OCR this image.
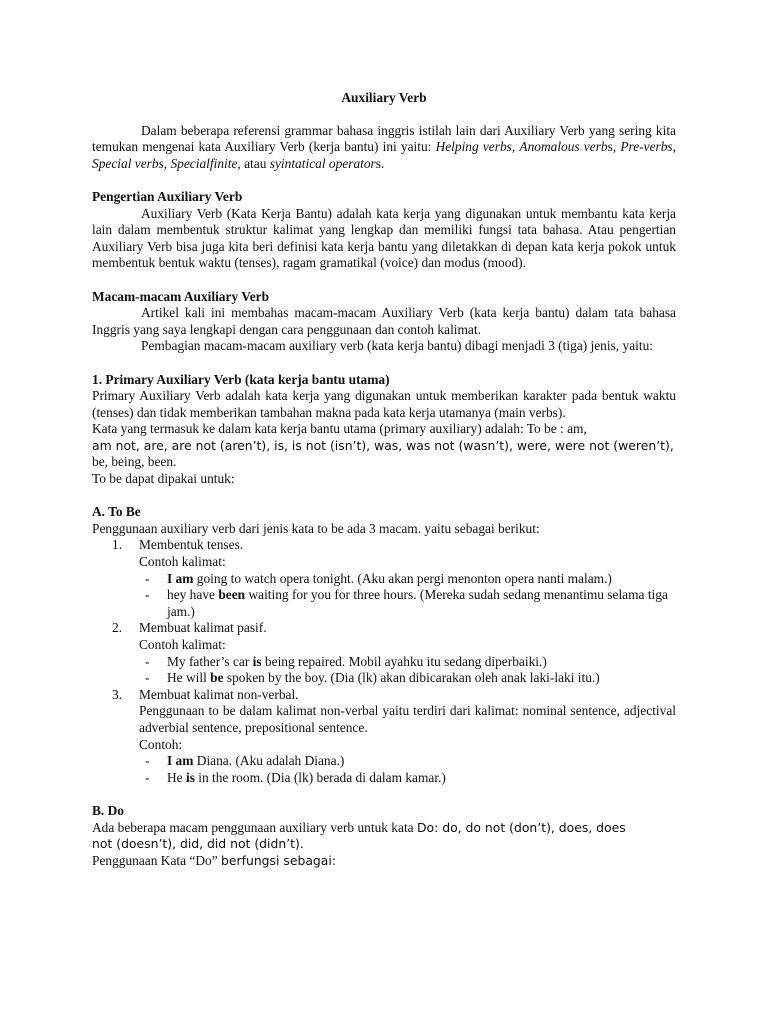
Auxiliary Verb

Dalam beberapa referensi grammar bahasa inggris istilah lain dari Auxiliary Verb yang sering kita temukan mengenai kata Auxiliary Verb (kerja bantu) ini yaitu: Helping verbs, Anomalous verbs, Pre-verbs, Special verbs, Specialfinite, atau syintatical operators.

Pengertian Auxiliary Verb

Auxiliary Verb (Kata Kerja Bantu) adalah kata kerja yang digunakan untuk membantu kata kerja lain dalam membentuk struktur kalimat yang lengkap dan memiliki fungsi tata bahasa. Atau pengertian Auxiliary Verb bisa juga kita beri definisi kata kerja bantu yang diletakkan di depan kata kerja pokok untuk membentuk bentuk waktu (tenses), ragam gramatikal (voice) dan modus (mood).

Macam-macam Auxiliary Verb

Artikel kali ini membahas macam-macam Auxiliary Verb (kata kerja bantu) dalam tata bahasa Inggris yang saya lengkapi dengan cara penggunaan dan contoh kalimat.

Pembagian macam-macam auxiliary verb (kata kerja bantu) dibagi menjadi 3 (tiga) jenis, yaitu:

1. Primary Auxiliary Verb (kata kerja bantu utama)

Primary Auxiliary Verb adalah kata kerja yang digunakan untuk memberikan karakter pada bentuk waktu (tenses) dan tidak memberikan tambahan makna pada kata kerja utamanya (main verbs).

Kata yang termasuk ke dalam kata kerja bantu utama (primary auxiliary) adalah: To be : am,

am not, are, are not (aren’t), is, is not (isn’t), was, was not (wasn’t), were, were not (weren’t),

be, being, been.

To be dapat dipakai untuk:

A. To Be

Penggunaan auxiliary verb dari jenis kata to be ada 3 macam. yaitu sebagai berikut:

1. Membentuk tenses.

Contoh kalimat:

- I am going to watch opera tonight. (Aku akan pergi menonton opera nanti malam.)

- hey have been waiting for you for three hours. (Mereka sudah sedang menantimu selama tiga jam.)

2. Membuat kalimat pasif.

Contoh kalimat:

- My father’s car is being repaired. Mobil ayahku itu sedang diperbaiki.)

- He will be spoken by the boy. (Dia (lk) akan dibicarakan oleh anak laki-laki itu.)

3. Membuat kalimat non-verbal.

Penggunaan to be dalam kalimat non-verbal yaitu terdiri dari kalimat: nominal sentence, adjectival adverbial sentence, prepositional sentence.

Contoh:

- I am Diana. (Aku adalah Diana.)

- He is in the room. (Dia (lk) berada di dalam kamar.)

B. Do

Ada beberapa macam penggunaan auxiliary verb untuk kata Do: do, do not (don’t), does, does

not (doesn’t), did, did not (didn’t).

Penggunaan Kata “Do” berfungsi sebagai:
